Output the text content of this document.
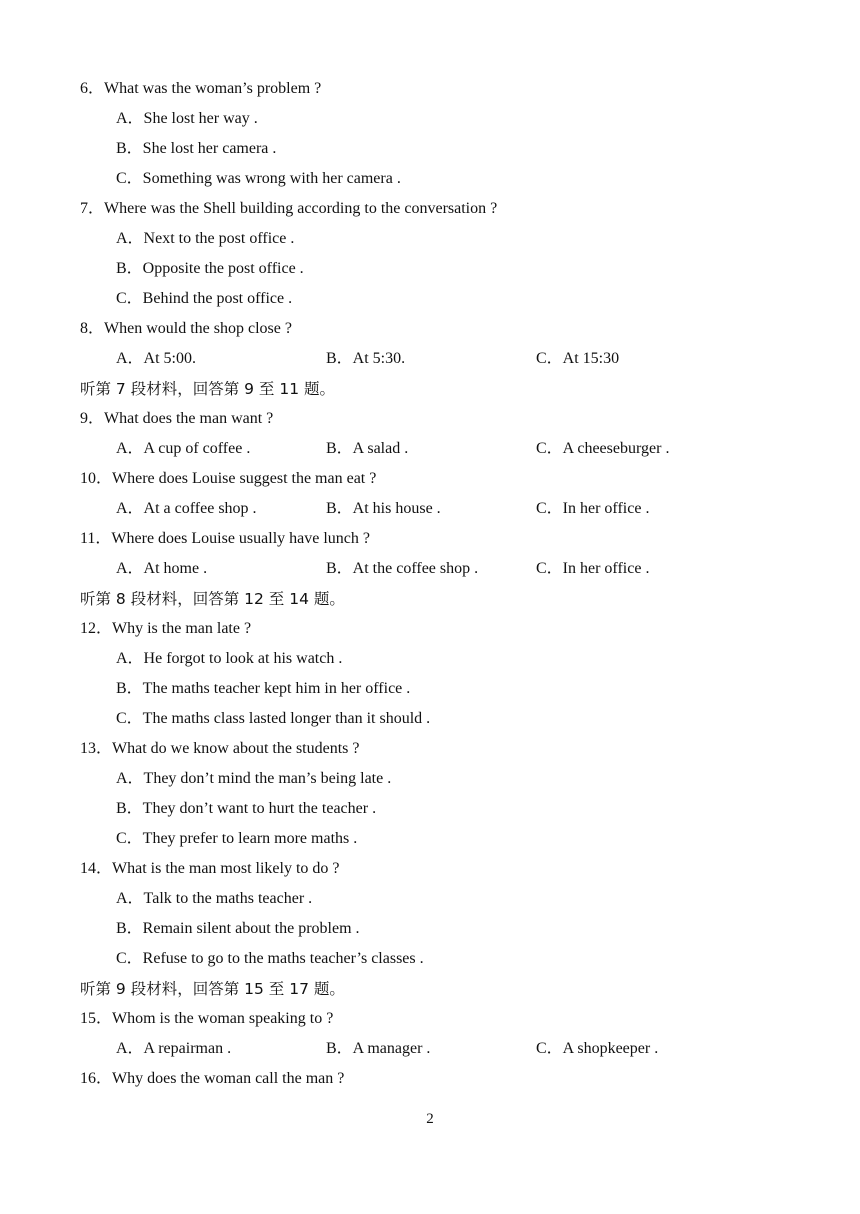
2
6．What was the woman’s problem ?
A．She lost her way .
B．She lost her camera .
C．Something was wrong with her camera .
7．Where was the Shell building according to the conversation ?
A．Next to the post office .
B．Opposite the post office .
C．Behind the post office .
8．When would the shop close ?
A．At 5:00.	B．At 5:30.	C．At 15:30
听第 7 段材料，回答第 9 至 11 题。
9．What does the man want ?
A．A cup of coffee .	B．A salad .	C．A cheeseburger .
10．Where does Louise suggest the man eat ?
A．At a coffee shop .	B．At his house .	C．In her office .
11．Where does Louise usually have lunch ?
A．At home .	B．At the coffee shop .	C．In her office .
听第 8 段材料，回答第 12 至 14 题。
12．Why is the man late ?
A．He forgot to look at his watch .
B．The maths teacher kept him in her office .
C．The maths class lasted longer than it should .
13．What do we know about the students ?
A．They don’t mind the man’s being late .
B．They don’t want to hurt the teacher .
C．They prefer to learn more maths .
14．What is the man most likely to do ?
A．Talk to the maths teacher .
B．Remain silent about the problem .
C．Refuse to go to the maths teacher’s classes .
听第 9 段材料，回答第 15 至 17 题。
15．Whom is the woman speaking to ?
A．A repairman .	B．A manager .	C．A shopkeeper .
16．Why does the woman call the man ?
